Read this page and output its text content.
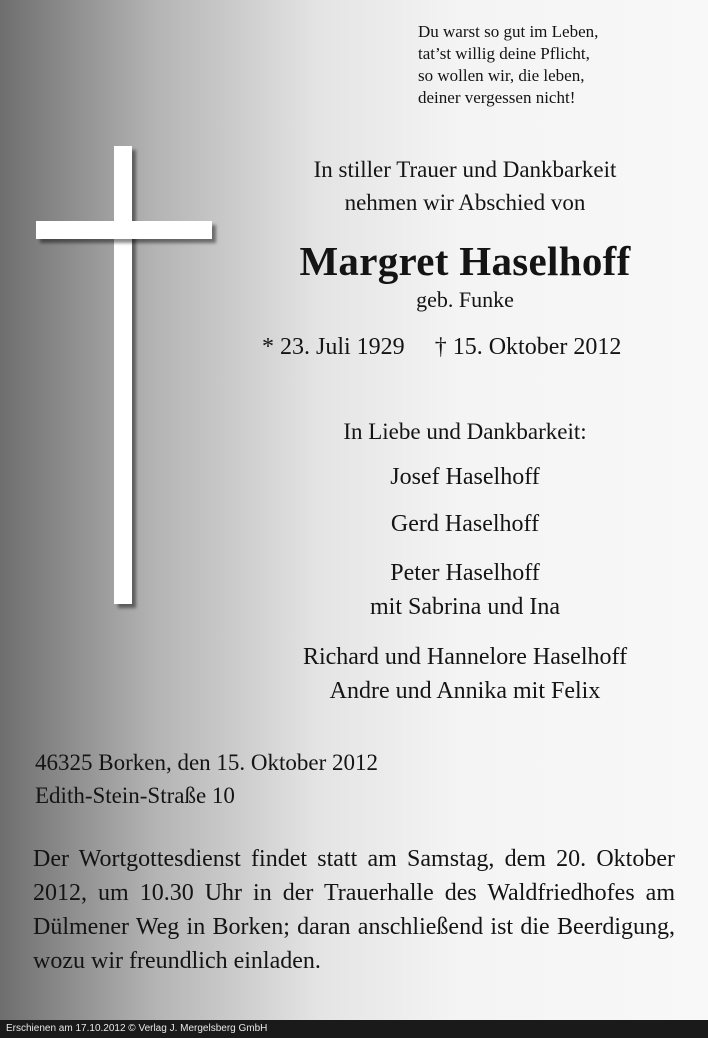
Du warst so gut im Leben,
tat’st willig deine Pflicht,
so wollen wir, die leben,
deiner vergessen nicht!
In stiller Trauer und Dankbarkeit
nehmen wir Abschied von
Margret Haselhoff
geb. Funke
* 23. Juli 1929 † 15. Oktober 2012
In Liebe und Dankbarkeit:
Josef Haselhoff
Gerd Haselhoff
Peter Haselhoff
mit Sabrina und Ina
Richard und Hannelore Haselhoff
Andre und Annika mit Felix
46325 Borken, den 15. Oktober 2012
Edith-Stein-Straße 10
Der Wortgottesdienst findet statt am Samstag, dem 20. Oktober 2012, um 10.30 Uhr in der Trauerhalle des Waldfriedhofes am Dülmener Weg in Borken; daran anschließend ist die Beerdigung, wozu wir freundlich einladen.
Erschienen am 17.10.2012 © Verlag J. Mergelsberg GmbH
